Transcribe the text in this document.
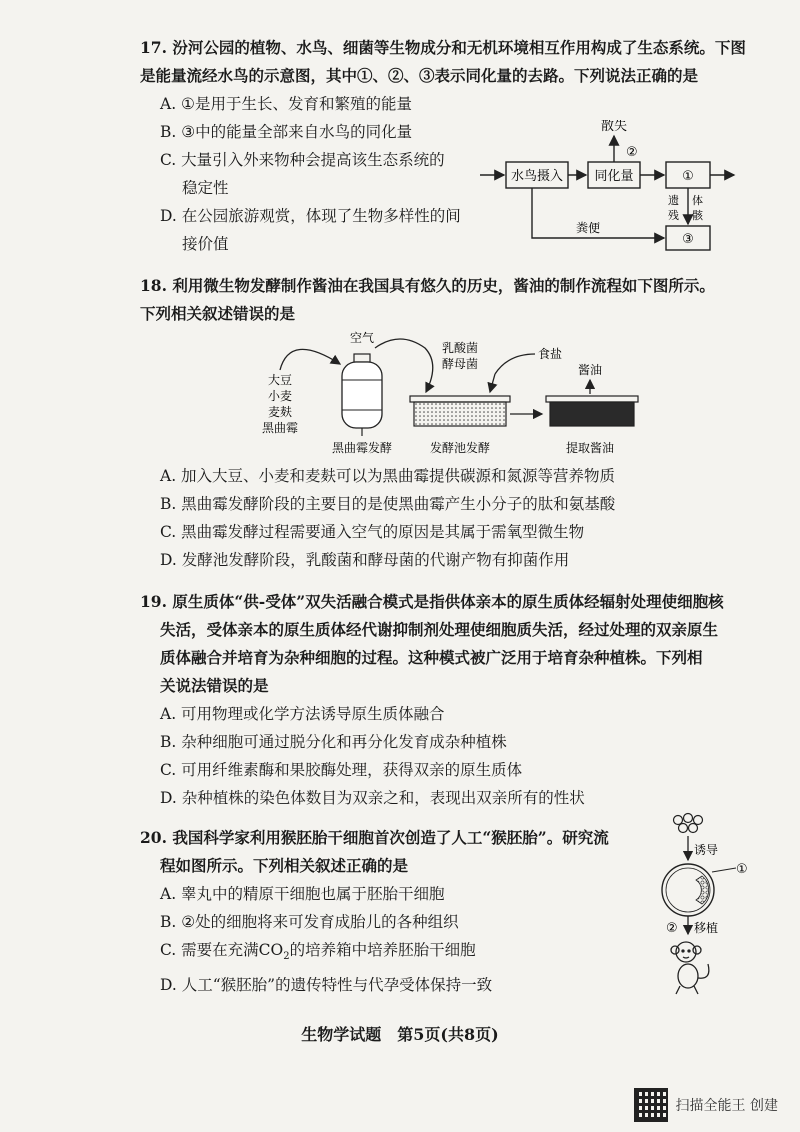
17. 汾河公园的植物、水鸟、细菌等生物成分和无机环境相互作用构成了生态系统。下图

是能量流经水鸟的示意图，其中①、②、③表示同化量的去路。下列说法正确的是

A. ①是用于生长、发育和繁殖的能量

B. ③中的能量全部来自水鸟的同化量

C. 大量引入外来物种会提高该生态系统的

稳定性

D. 在公园旅游观赏，体现了生物多样性的间

接价值

水鸟摄入 同化量
散失
②
①
遗 体
残 骸
③
粪便

18. 利用微生物发酵制作酱油在我国具有悠久的历史，酱油的制作流程如下图所示。

下列相关叙述错误的是

大豆
小麦
麦麸
黑曲霉
空气
黑曲霉发酵
乳酸菌
酵母菌
食盐
发酵池发酵
酱油
提取酱油

A. 加入大豆、小麦和麦麸可以为黑曲霉提供碳源和氮源等营养物质

B. 黑曲霉发酵阶段的主要目的是使黑曲霉产生小分子的肽和氨基酸

C. 黑曲霉发酵过程需要通入空气的原因是其属于需氧型微生物

D. 发酵池发酵阶段，乳酸菌和酵母菌的代谢产物有抑菌作用

19. 原生质体“供-受体”双失活融合模式是指供体亲本的原生质体经辐射处理使细胞核

失活，受体亲本的原生质体经代谢抑制剂处理使细胞质失活，经过处理的双亲原生

质体融合并培育为杂种细胞的过程。这种模式被广泛用于培育杂种植株。下列相

关说法错误的是

A. 可用物理或化学方法诱导原生质体融合

B. 杂种细胞可通过脱分化和再分化发育成杂种植株

C. 可用纤维素酶和果胶酶处理，获得双亲的原生质体

D. 杂种植株的染色体数目为双亲之和，表现出双亲所有的性状

20. 我国科学家利用猴胚胎干细胞首次创造了人工“猴胚胎”。研究流

程如图所示。下列相关叙述正确的是

A. 睾丸中的精原干细胞也属于胚胎干细胞

B. ②处的细胞将来可发育成胎儿的各种组织

C. 需要在充满$CO_2$的培养箱中培养胚胎干细胞

D. 人工“猴胚胎”的遗传特性与代孕受体保持一致

诱导
①
② 移植
生物学试题　第5页(共8页)
扫描全能王 创建
